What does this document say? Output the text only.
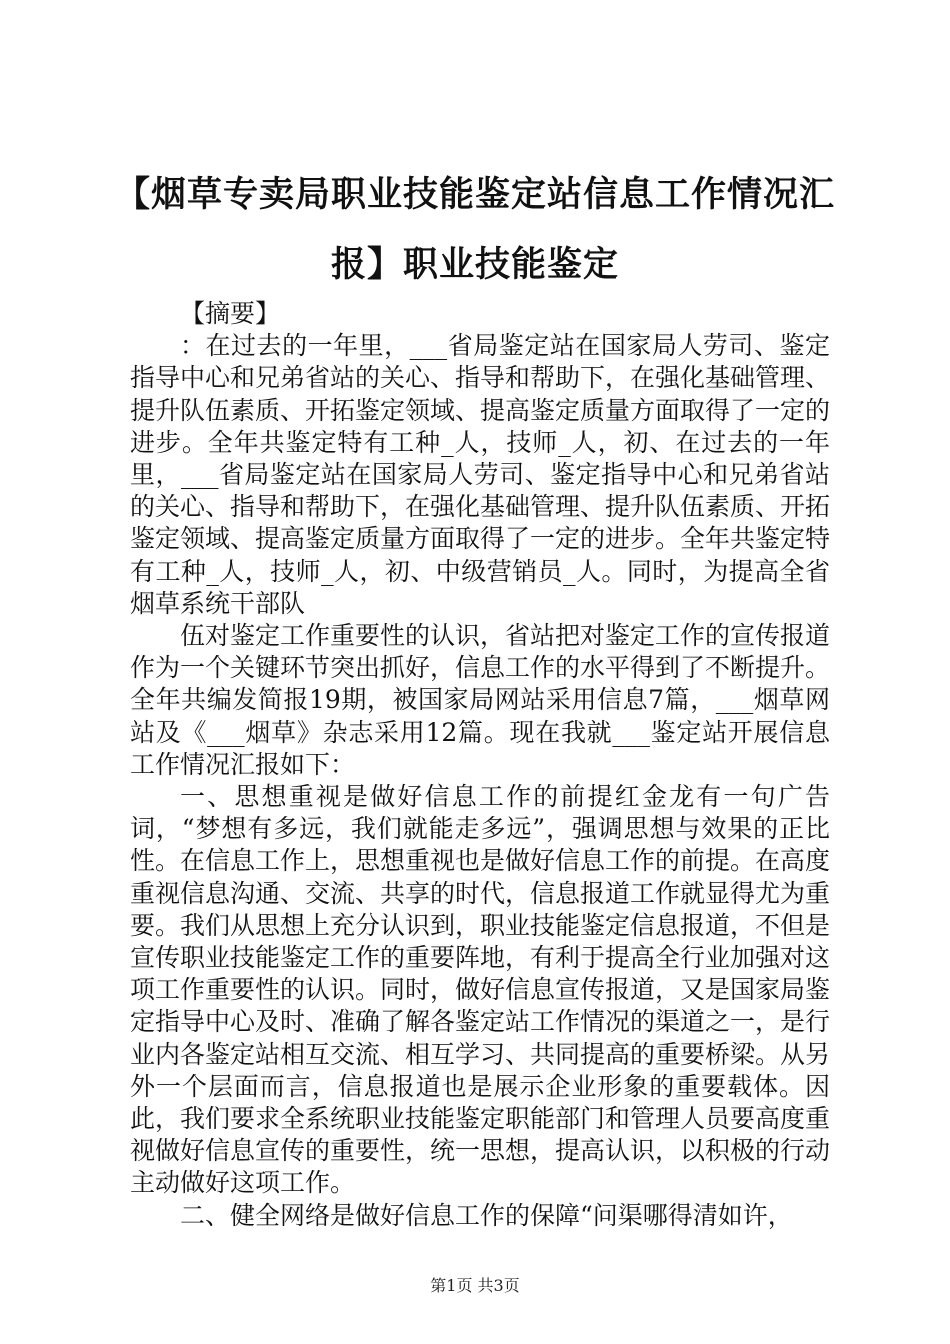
【烟草专卖局职业技能鉴定站信息工作情况汇报】职业技能鉴定

【摘要】

：在过去的一年里，___省局鉴定站在国家局人劳司、鉴定指导中心和兄弟省站的关心、指导和帮助下，在强化基础管理、提升队伍素质、开拓鉴定领域、提高鉴定质量方面取得了一定的进步。全年共鉴定特有工种_人，技师_人，初、在过去的一年里，___省局鉴定站在国家局人劳司、鉴定指导中心和兄弟省站的关心、指导和帮助下，在强化基础管理、提升队伍素质、开拓鉴定领域、提高鉴定质量方面取得了一定的进步。全年共鉴定特有工种_人，技师_人，初、中级营销员_人。同时，为提高全省烟草系统干部队

伍对鉴定工作重要性的认识，省站把对鉴定工作的宣传报道作为一个关键环节突出抓好，信息工作的水平得到了不断提升。全年共编发简报19期，被国家局网站采用信息7篇，___烟草网站及《___烟草》杂志采用12篇。现在我就___鉴定站开展信息工作情况汇报如下：

一、思想重视是做好信息工作的前提红金龙有一句广告词，“梦想有多远，我们就能走多远”，强调思想与效果的正比性。在信息工作上，思想重视也是做好信息工作的前提。在高度重视信息沟通、交流、共享的时代，信息报道工作就显得尤为重要。我们从思想上充分认识到，职业技能鉴定信息报道，不但是宣传职业技能鉴定工作的重要阵地，有利于提高全行业加强对这项工作重要性的认识。同时，做好信息宣传报道，又是国家局鉴定指导中心及时、准确了解各鉴定站工作情况的渠道之一，是行业内各鉴定站相互交流、相互学习、共同提高的重要桥梁。从另外一个层面而言，信息报道也是展示企业形象的重要载体。因此，我们要求全系统职业技能鉴定职能部门和管理人员要高度重视做好信息宣传的重要性，统一思想，提高认识，以积极的行动主动做好这项工作。

二、健全网络是做好信息工作的保障“问渠哪得清如许，

第1页 共3页
